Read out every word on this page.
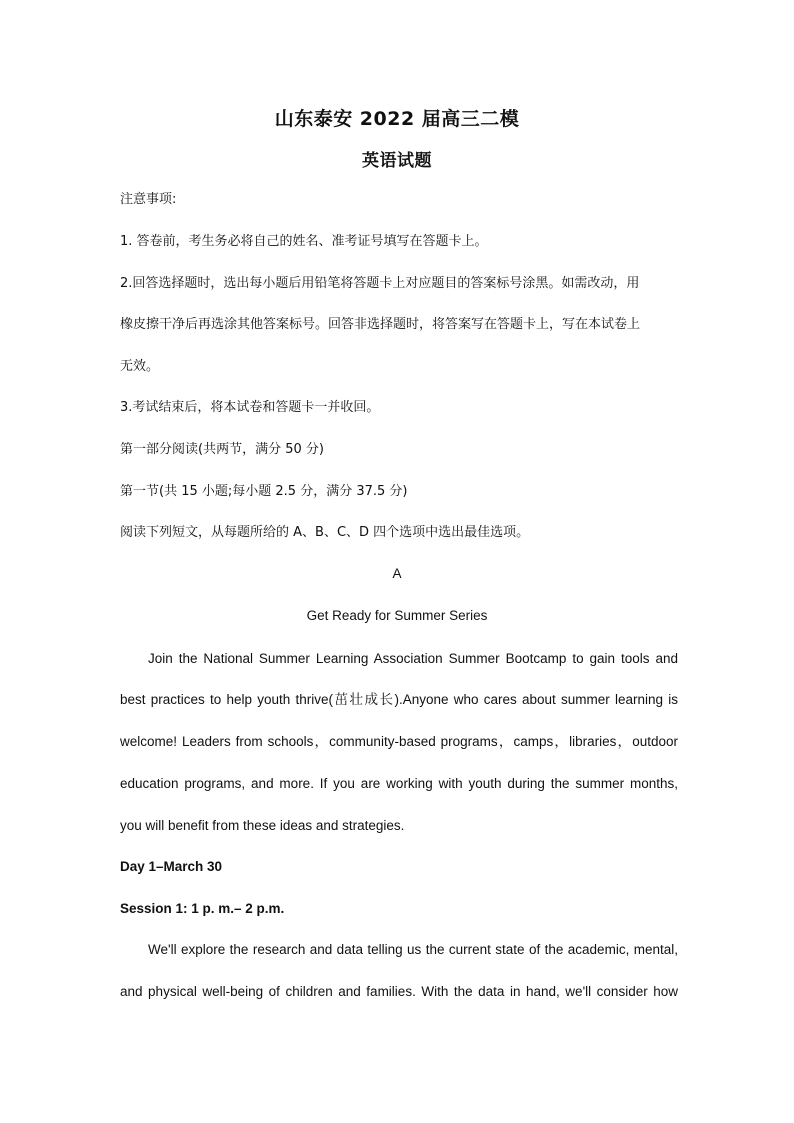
山东泰安 2022 届高三二模
英语试题
注意事项:
1. 答卷前，考生务必将自己的姓名、准考证号填写在答题卡上。
2.回答选择题时，选出每小题后用铅笔将答题卡上对应题目的答案标号涂黑。如需改动，用
橡皮擦干净后再选涂其他答案标号。回答非选择题时，将答案写在答题卡上，写在本试卷上
无效。
3.考试结束后，将本试卷和答题卡一并收回。
第一部分阅读(共两节，满分 50 分)
第一节(共 15 小题;每小题 2.5 分，满分 37.5 分)
阅读下列短文，从每题所给的 A、B、C、D 四个选项中选出最佳选项。
A
Get Ready for Summer Series
Join the National Summer Learning Association Summer Bootcamp to gain tools and
best practices to help youth thrive(茁壮成长).Anyone who cares about summer learning is
welcome! Leaders from schools，community-based programs，camps，libraries，outdoor
education programs, and more. If you are working with youth during the summer months,
you will benefit from these ideas and strategies.
Day 1–March 30
Session 1: 1 p. m.– 2 p.m.
We'll explore the research and data telling us the current state of the academic, mental,
and physical well-being of children and families. With the data in hand, we'll consider how
